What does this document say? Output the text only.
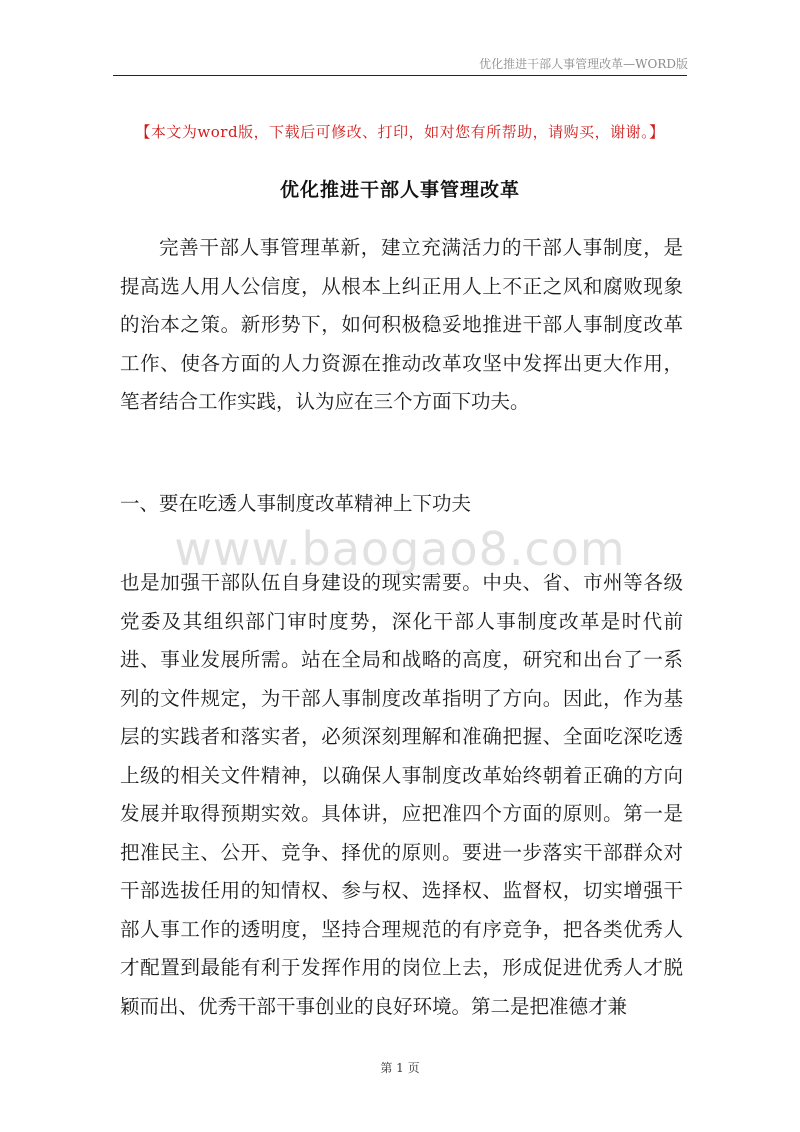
优化推进干部人事管理改革—WORD版
【本文为word版，下载后可修改、打印，如对您有所帮助，请购买，谢谢。】
优化推进干部人事管理改革

完善干部人事管理革新，建立充满活力的干部人事制度，是提高选人用人公信度，从根本上纠正用人上不正之风和腐败现象的治本之策。新形势下，如何积极稳妥地推进干部人事制度改革工作、使各方面的人力资源在推动改革攻坚中发挥出更大作用，笔者结合工作实践，认为应在三个方面下功夫。

一、要在吃透人事制度改革精神上下功夫
www.baogao8.com

也是加强干部队伍自身建设的现实需要。中央、省、市州等各级党委及其组织部门审时度势，深化干部人事制度改革是时代前进、事业发展所需。站在全局和战略的高度，研究和出台了一系列的文件规定，为干部人事制度改革指明了方向。因此，作为基层的实践者和落实者，必须深刻理解和准确把握、全面吃深吃透上级的相关文件精神，以确保人事制度改革始终朝着正确的方向发展并取得预期实效。具体讲，应把准四个方面的原则。第一是把准民主、公开、竞争、择优的原则。要进一步落实干部群众对干部选拔任用的知情权、参与权、选择权、监督权，切实增强干部人事工作的透明度，坚持合理规范的有序竞争，把各类优秀人才配置到最能有利于发挥作用的岗位上去，形成促进优秀人才脱颖而出、优秀干部干事创业的良好环境。第二是把准德才兼

第 1 页
